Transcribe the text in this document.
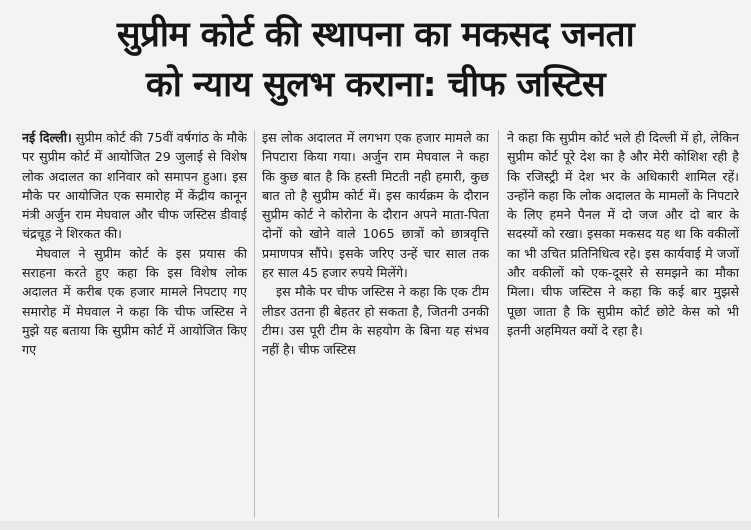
सुप्रीम कोर्ट की स्थापना का मकसद जनता
को न्याय सुलभ कराना: चीफ जस्टिस

नई दिल्ली। सुप्रीम कोर्ट की 75वीं वर्षगांठ के मौके पर सुप्रीम कोर्ट में आयोजित 29 जुलाई से विशेष लोक अदालत का शनिवार को समापन हुआ। इस मौके पर आयोजित एक समारोह में केंद्रीय कानून मंत्री अर्जुन राम मेघवाल और चीफ जस्टिस डीवाई चंद्रचूड़ ने शिरकत की।

मेघवाल ने सुप्रीम कोर्ट के इस प्रयास की सराहना करते हुए कहा कि इस विशेष लोक अदालत में करीब एक हजार मामले निपटाए गए समारोह में मेघवाल ने कहा कि चीफ जस्टिस ने मुझे यह बताया कि सुप्रीम कोर्ट में आयोजित किए गए

इस लोक अदालत में लगभग एक हजार मामले का निपटारा किया गया। अर्जुन राम मेघवाल ने कहा कि कुछ बात है कि हस्ती मिटती नही हमारी, कुछ बात तो है सुप्रीम कोर्ट में। इस कार्यक्रम के दौरान सुप्रीम कोर्ट ने कोरोना के दौरान अपने माता-पिता दोनों को खोने वाले 1065 छात्रों को छात्रवृत्ति प्रमाणपत्र सौंपे। इसके जरिए उन्हें चार साल तक हर साल 45 हजार रुपये मिलेंगे।

इस मौके पर चीफ जस्टिस ने कहा कि एक टीम लीडर उतना ही बेहतर हो सकता है, जितनी उनकी टीम। उस पूरी टीम के सहयोग के बिना यह संभव नहीं है। चीफ जस्टिस

ने कहा कि सुप्रीम कोर्ट भले ही दिल्ली में हो, लेकिन सुप्रीम कोर्ट पूरे देश का है और मेरी कोशिश रही है कि रजिस्ट्री में देश भर के अधिकारी शामिल रहें। उन्होंने कहा कि लोक अदालत के मामलों के निपटारे के लिए हमने पैनल में दो जज और दो बार के सदस्यों को रखा। इसका मकसद यह था कि वकीलों का भी उचित प्रतिनिधित्व रहे। इस कार्यवाई मे जजों और वकीलों को एक-दूसरे से समझने का मौका मिला। चीफ जस्टिस ने कहा कि कई बार मुझसे पूछा जाता है कि सुप्रीम कोर्ट छोटे केस को भी इतनी अहमियत क्यों दे रहा है।
